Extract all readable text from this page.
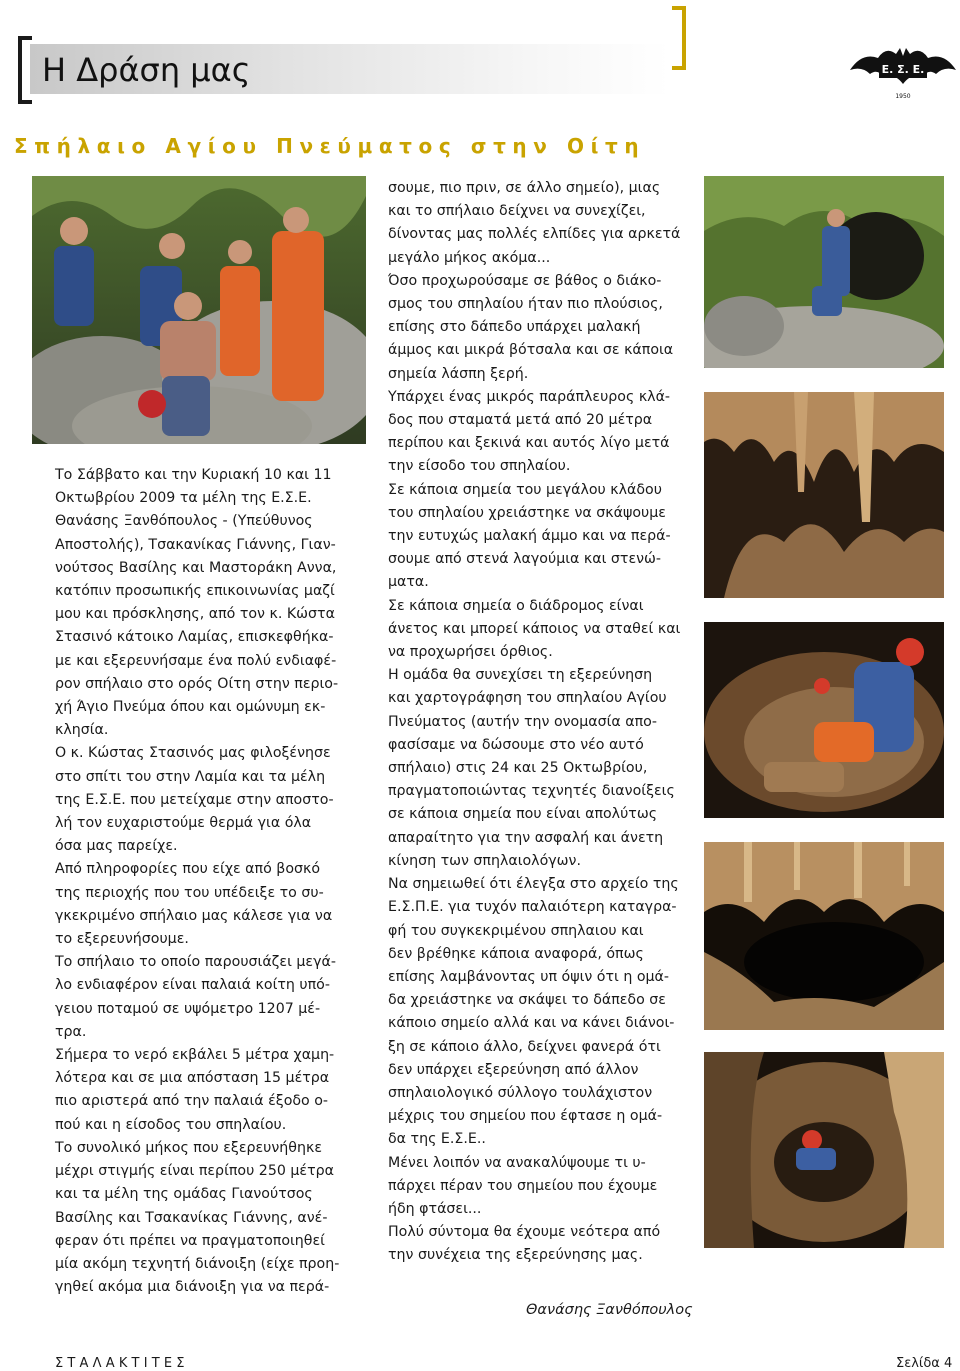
Η Δράση μας	Ε. Σ. Ε.
1950
Σπήλαιο Αγίου Πνεύματος στην Οίτη

Το Σάββατο και την Κυριακή 10 και 11

Οκτωβρίου 2009 τα μέλη της Ε.Σ.Ε.

Θανάσης Ξανθόπουλος - (Υπεύθυνος

Αποστολής), Τσακανίκας Γιάννης, Γιαν-

νούτσος Βασίλης και Μαστοράκη Αννα,

κατόπιν προσωπικής επικοινωνίας μαζί

μου και πρόσκλησης, από τον κ. Κώστα

Στασινό κάτοικο Λαμίας, επισκεφθήκα-

με και εξερευνήσαμε ένα πολύ ενδιαφέ-

ρον σπήλαιο στο ορός Οίτη στην περιο-

χή Άγιο Πνεύμα όπου και ομώνυμη εκ-

κλησία.

Ο κ. Κώστας Στασινός μας φιλοξένησε

στο σπίτι του στην Λαμία και τα μέλη

της Ε.Σ.Ε. που μετείχαμε στην αποστο-

λή τον ευχαριστούμε θερμά για όλα

όσα μας παρείχε.

Από πληροφορίες που είχε από βοσκό

της περιοχής που του υπέδειξε το συ-

γκεκριμένο σπήλαιο μας κάλεσε για να

το εξερευνήσουμε.

Το σπήλαιο το οποίο παρουσιάζει μεγά-

λο ενδιαφέρον είναι παλαιά κοίτη υπό-

γειου ποταμού σε υψόμετρο 1207 μέ-

τρα.

Σήμερα το νερό εκβάλει 5 μέτρα χαμη-

λότερα και σε μια απόσταση 15 μέτρα

πιο αριστερά από την παλαιά έξοδο ο-

πού και η είσοδος του σπηλαίου.

Το συνολικό μήκος που εξερευνήθηκε

μέχρι στιγμής είναι περίπου 250 μέτρα

και τα μέλη της ομάδας Γιανούτσος

Βασίλης και Τσακανίκας Γιάννης, ανέ-

φεραν ότι πρέπει να πραγματοποιηθεί

μία ακόμη τεχνητή διάνοιξη (είχε προη-

γηθεί ακόμα μια διάνοιξη για να περά-

σουμε, πιο πριν, σε άλλο σημείο), μιας

και το σπήλαιο δείχνει να συνεχίζει,

δίνοντας μας πολλές ελπίδες για αρκετά

μεγάλο μήκος ακόμα...

Όσο προχωρούσαμε σε βάθος ο διάκο-

σμος του σπηλαίου ήταν πιο πλούσιος,

επίσης στο δάπεδο υπάρχει μαλακή

άμμος και μικρά βότσαλα και σε κάποια

σημεία λάσπη ξερή.

Υπάρχει ένας μικρός παράπλευρος κλά-

δος που σταματά μετά από 20 μέτρα

περίπου και ξεκινά και αυτός λίγο μετά

την είσοδο του σπηλαίου.

Σε κάποια σημεία του μεγάλου κλάδου

του σπηλαίου χρειάστηκε να σκάψουμε

την ευτυχώς μαλακή άμμο και να περά-

σουμε από στενά λαγούμια και στενώ-

ματα.

Σε κάποια σημεία ο διάδρομος είναι

άνετος και μπορεί κάποιος να σταθεί και

να προχωρήσει όρθιος.

Η ομάδα θα συνεχίσει τη εξερεύνηση

και χαρτογράφηση του σπηλαίου Αγίου

Πνεύματος (αυτήν την ονομασία απο-

φασίσαμε να δώσουμε στο νέο αυτό

σπήλαιο) στις 24 και 25 Οκτωβρίου,

πραγματοποιώντας τεχνητές διανοίξεις

σε κάποια σημεία που είναι απολύτως

απαραίτητο για την ασφαλή και άνετη

κίνηση των σπηλαιολόγων.

Να σημειωθεί ότι έλεγξα στο αρχείο της

Ε.Σ.Π.Ε. για τυχόν παλαιότερη καταγρα-

φή του συγκεκριμένου σπηλαιου και

δεν βρέθηκε κάποια αναφορά, όπως

επίσης λαμβάνοντας υπ όψιν ότι η ομά-

δα χρειάστηκε να σκάψει το δάπεδο σε

κάποιο σημείο αλλά και να κάνει διάνοι-

ξη σε κάποιο άλλο, δείχνει φανερά ότι

δεν υπάρχει εξερεύνηση από άλλον

σπηλαιολογικό σύλλογο τουλάχιστον

μέχρις του σημείου που έφτασε η ομά-

δα της Ε.Σ.Ε..

Μένει λοιπόν να ανακαλύψουμε τι υ-

πάρχει πέραν του σημείου που έχουμε

ήδη φτάσει...

Πολύ σύντομα θα έχουμε νεότερα από

την συνέχεια της εξερεύνησης μας.

Θανάσης Ξανθόπουλος
ΣΤΑΛΑΚΤΙΤΕΣ	Σελίδα 4
